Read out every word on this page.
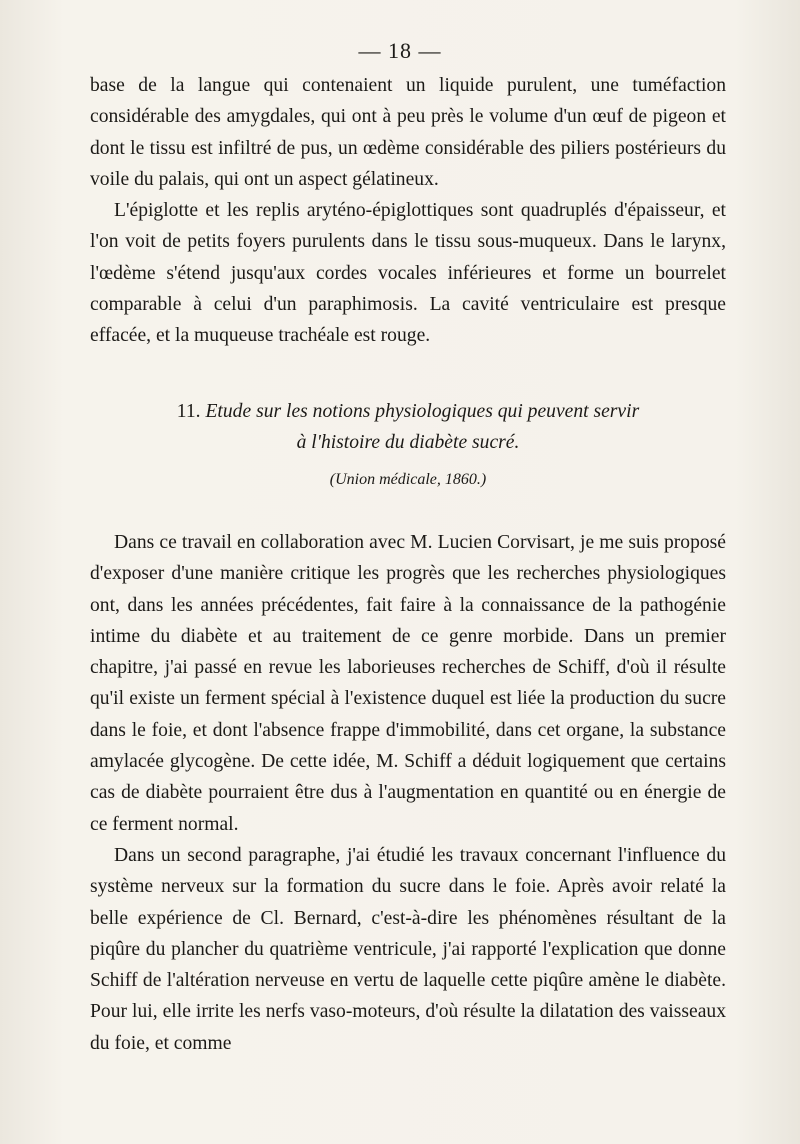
— 18 —

base de la langue qui contenaient un liquide purulent, une tuméfaction considérable des amygdales, qui ont à peu près le volume d'un œuf de pigeon et dont le tissu est infiltré de pus, un œdème considérable des piliers postérieurs du voile du palais, qui ont un aspect gélatineux.

L'épiglotte et les replis aryténo-épiglottiques sont quadruplés d'épaisseur, et l'on voit de petits foyers purulents dans le tissu sous-muqueux. Dans le larynx, l'œdème s'étend jusqu'aux cordes vocales inférieures et forme un bourrelet comparable à celui d'un paraphimosis. La cavité ventriculaire est presque effacée, et la muqueuse trachéale est rouge.

11. Etude sur les notions physiologiques qui peuvent servir
à l'histoire du diabète sucré.
(Union médicale, 1860.)

Dans ce travail en collaboration avec M. Lucien Corvisart, je me suis proposé d'exposer d'une manière critique les progrès que les recherches physiologiques ont, dans les années précédentes, fait faire à la connaissance de la pathogénie intime du diabète et au traitement de ce genre morbide. Dans un premier chapitre, j'ai passé en revue les laborieuses recherches de Schiff, d'où il résulte qu'il existe un ferment spécial à l'existence duquel est liée la production du sucre dans le foie, et dont l'absence frappe d'immobilité, dans cet organe, la substance amylacée glycogène. De cette idée, M. Schiff a déduit logiquement que certains cas de diabète pourraient être dus à l'augmentation en quantité ou en énergie de ce ferment normal.

Dans un second paragraphe, j'ai étudié les travaux concernant l'influence du système nerveux sur la formation du sucre dans le foie. Après avoir relaté la belle expérience de Cl. Bernard, c'est-à-dire les phénomènes résultant de la piqûre du plancher du quatrième ventricule, j'ai rapporté l'explication que donne Schiff de l'altération nerveuse en vertu de laquelle cette piqûre amène le diabète. Pour lui, elle irrite les nerfs vaso-moteurs, d'où résulte la dilatation des vaisseaux du foie, et comme
